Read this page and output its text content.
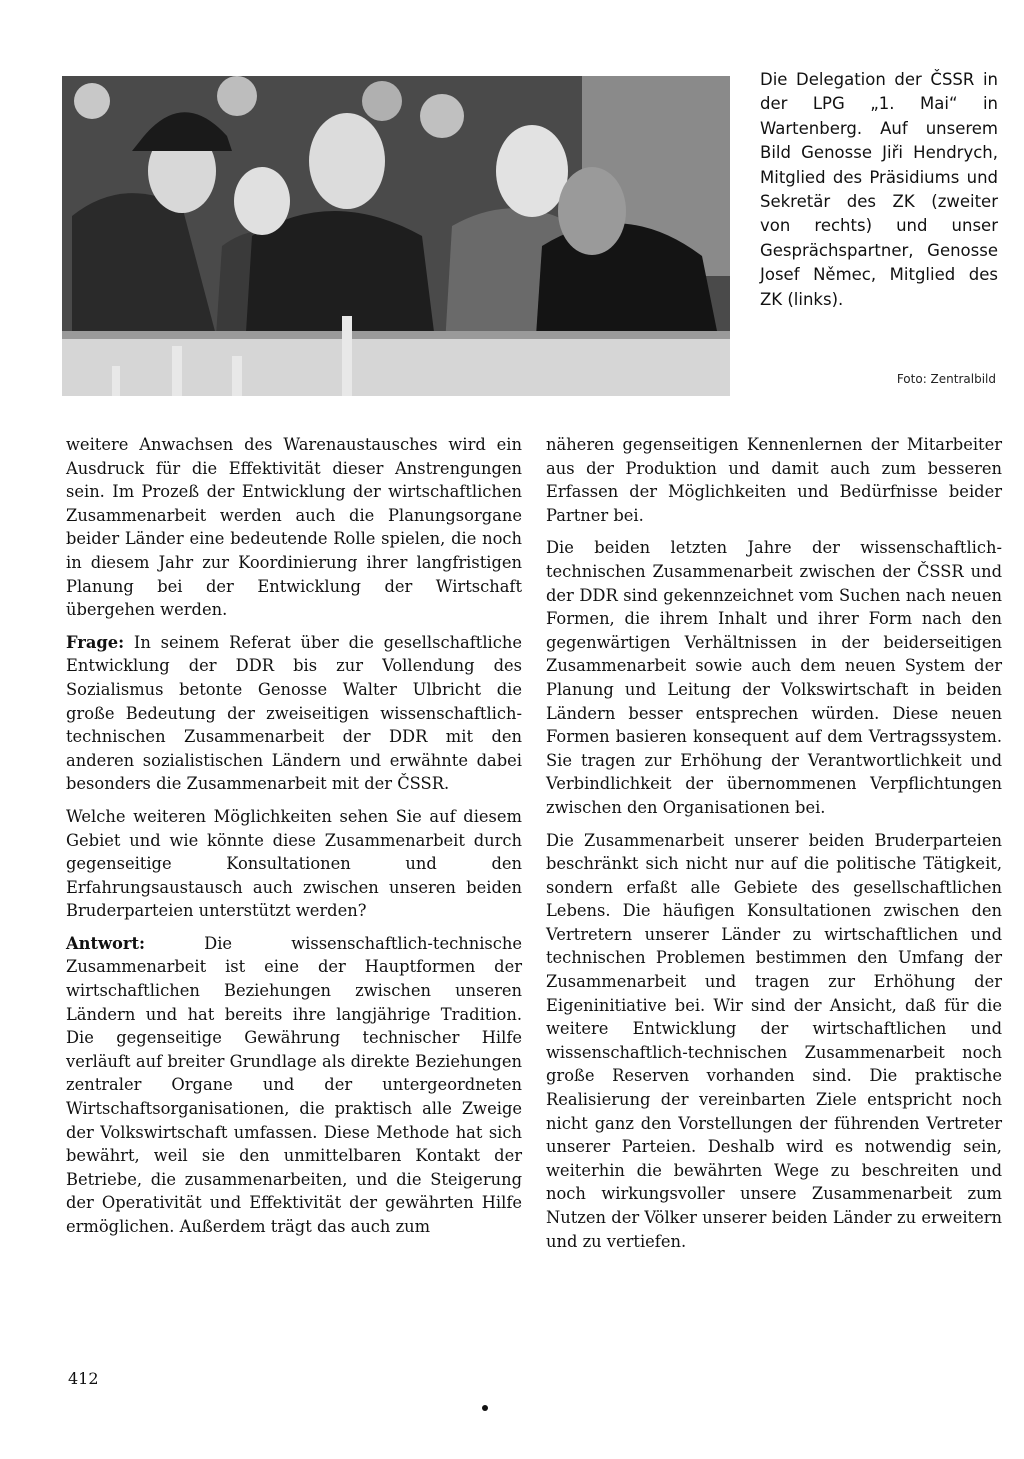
Die Delegation der ČSSR in der LPG „1. Mai“ in Wartenberg. Auf unserem Bild Genosse Jiři Hendrych, Mitglied des Präsidiums und Sekretär des ZK (zweiter von rechts) und unser Gesprächspartner, Genosse Josef Němec, Mitglied des ZK (links).
Foto: Zentralbild

weitere Anwachsen des Warenaustausches wird ein Ausdruck für die Effektivität dieser Anstrengungen sein. Im Prozeß der Entwicklung der wirtschaftlichen Zusammenarbeit werden auch die Planungsorgane beider Länder eine bedeutende Rolle spielen, die noch in diesem Jahr zur Koordinierung ihrer langfristigen Planung bei der Entwicklung der Wirtschaft übergehen werden.

Frage: In seinem Referat über die gesellschaftliche Entwicklung der DDR bis zur Vollendung des Sozialismus betonte Genosse Walter Ulbricht die große Bedeutung der zweiseitigen wissenschaftlich-technischen Zusammenarbeit der DDR mit den anderen sozialistischen Ländern und erwähnte dabei besonders die Zusammenarbeit mit der ČSSR.

Welche weiteren Möglichkeiten sehen Sie auf diesem Gebiet und wie könnte diese Zusammenarbeit durch gegenseitige Konsultationen und den Erfahrungsaustausch auch zwischen unseren beiden Bruderparteien unterstützt werden?

Antwort: Die wissenschaftlich-technische Zusammenarbeit ist eine der Hauptformen der wirtschaftlichen Beziehungen zwischen unseren Ländern und hat bereits ihre langjährige Tradition. Die gegenseitige Gewährung technischer Hilfe verläuft auf breiter Grundlage als direkte Beziehungen zentraler Organe und der untergeordneten Wirtschaftsorganisationen, die praktisch alle Zweige der Volkswirtschaft umfassen. Diese Methode hat sich bewährt, weil sie den unmittelbaren Kontakt der Betriebe, die zusammenarbeiten, und die Steigerung der Operativität und Effektivität der gewährten Hilfe ermöglichen. Außerdem trägt das auch zum

näheren gegenseitigen Kennenlernen der Mitarbeiter aus der Produktion und damit auch zum besseren Erfassen der Möglichkeiten und Bedürfnisse beider Partner bei.

Die beiden letzten Jahre der wissenschaftlich-technischen Zusammenarbeit zwischen der ČSSR und der DDR sind gekennzeichnet vom Suchen nach neuen Formen, die ihrem Inhalt und ihrer Form nach den gegenwärtigen Verhältnissen in der beiderseitigen Zusammenarbeit sowie auch dem neuen System der Planung und Leitung der Volkswirtschaft in beiden Ländern besser entsprechen würden. Diese neuen Formen basieren konsequent auf dem Vertragssystem. Sie tragen zur Erhöhung der Verantwortlichkeit und Verbindlichkeit der übernommenen Verpflichtungen zwischen den Organisationen bei.

Die Zusammenarbeit unserer beiden Bruderparteien beschränkt sich nicht nur auf die politische Tätigkeit, sondern erfaßt alle Gebiete des gesellschaftlichen Lebens. Die häufigen Konsultationen zwischen den Vertretern unserer Länder zu wirtschaftlichen und technischen Problemen bestimmen den Umfang der Zusammenarbeit und tragen zur Erhöhung der Eigeninitiative bei. Wir sind der Ansicht, daß für die weitere Entwicklung der wirtschaftlichen und wissenschaftlich-technischen Zusammenarbeit noch große Reserven vorhanden sind. Die praktische Realisierung der vereinbarten Ziele entspricht noch nicht ganz den Vorstellungen der führenden Vertreter unserer Parteien. Deshalb wird es notwendig sein, weiterhin die bewährten Wege zu beschreiten und noch wirkungsvoller unsere Zusammenarbeit zum Nutzen der Völker unserer beiden Länder zu erweitern und zu vertiefen.

412
